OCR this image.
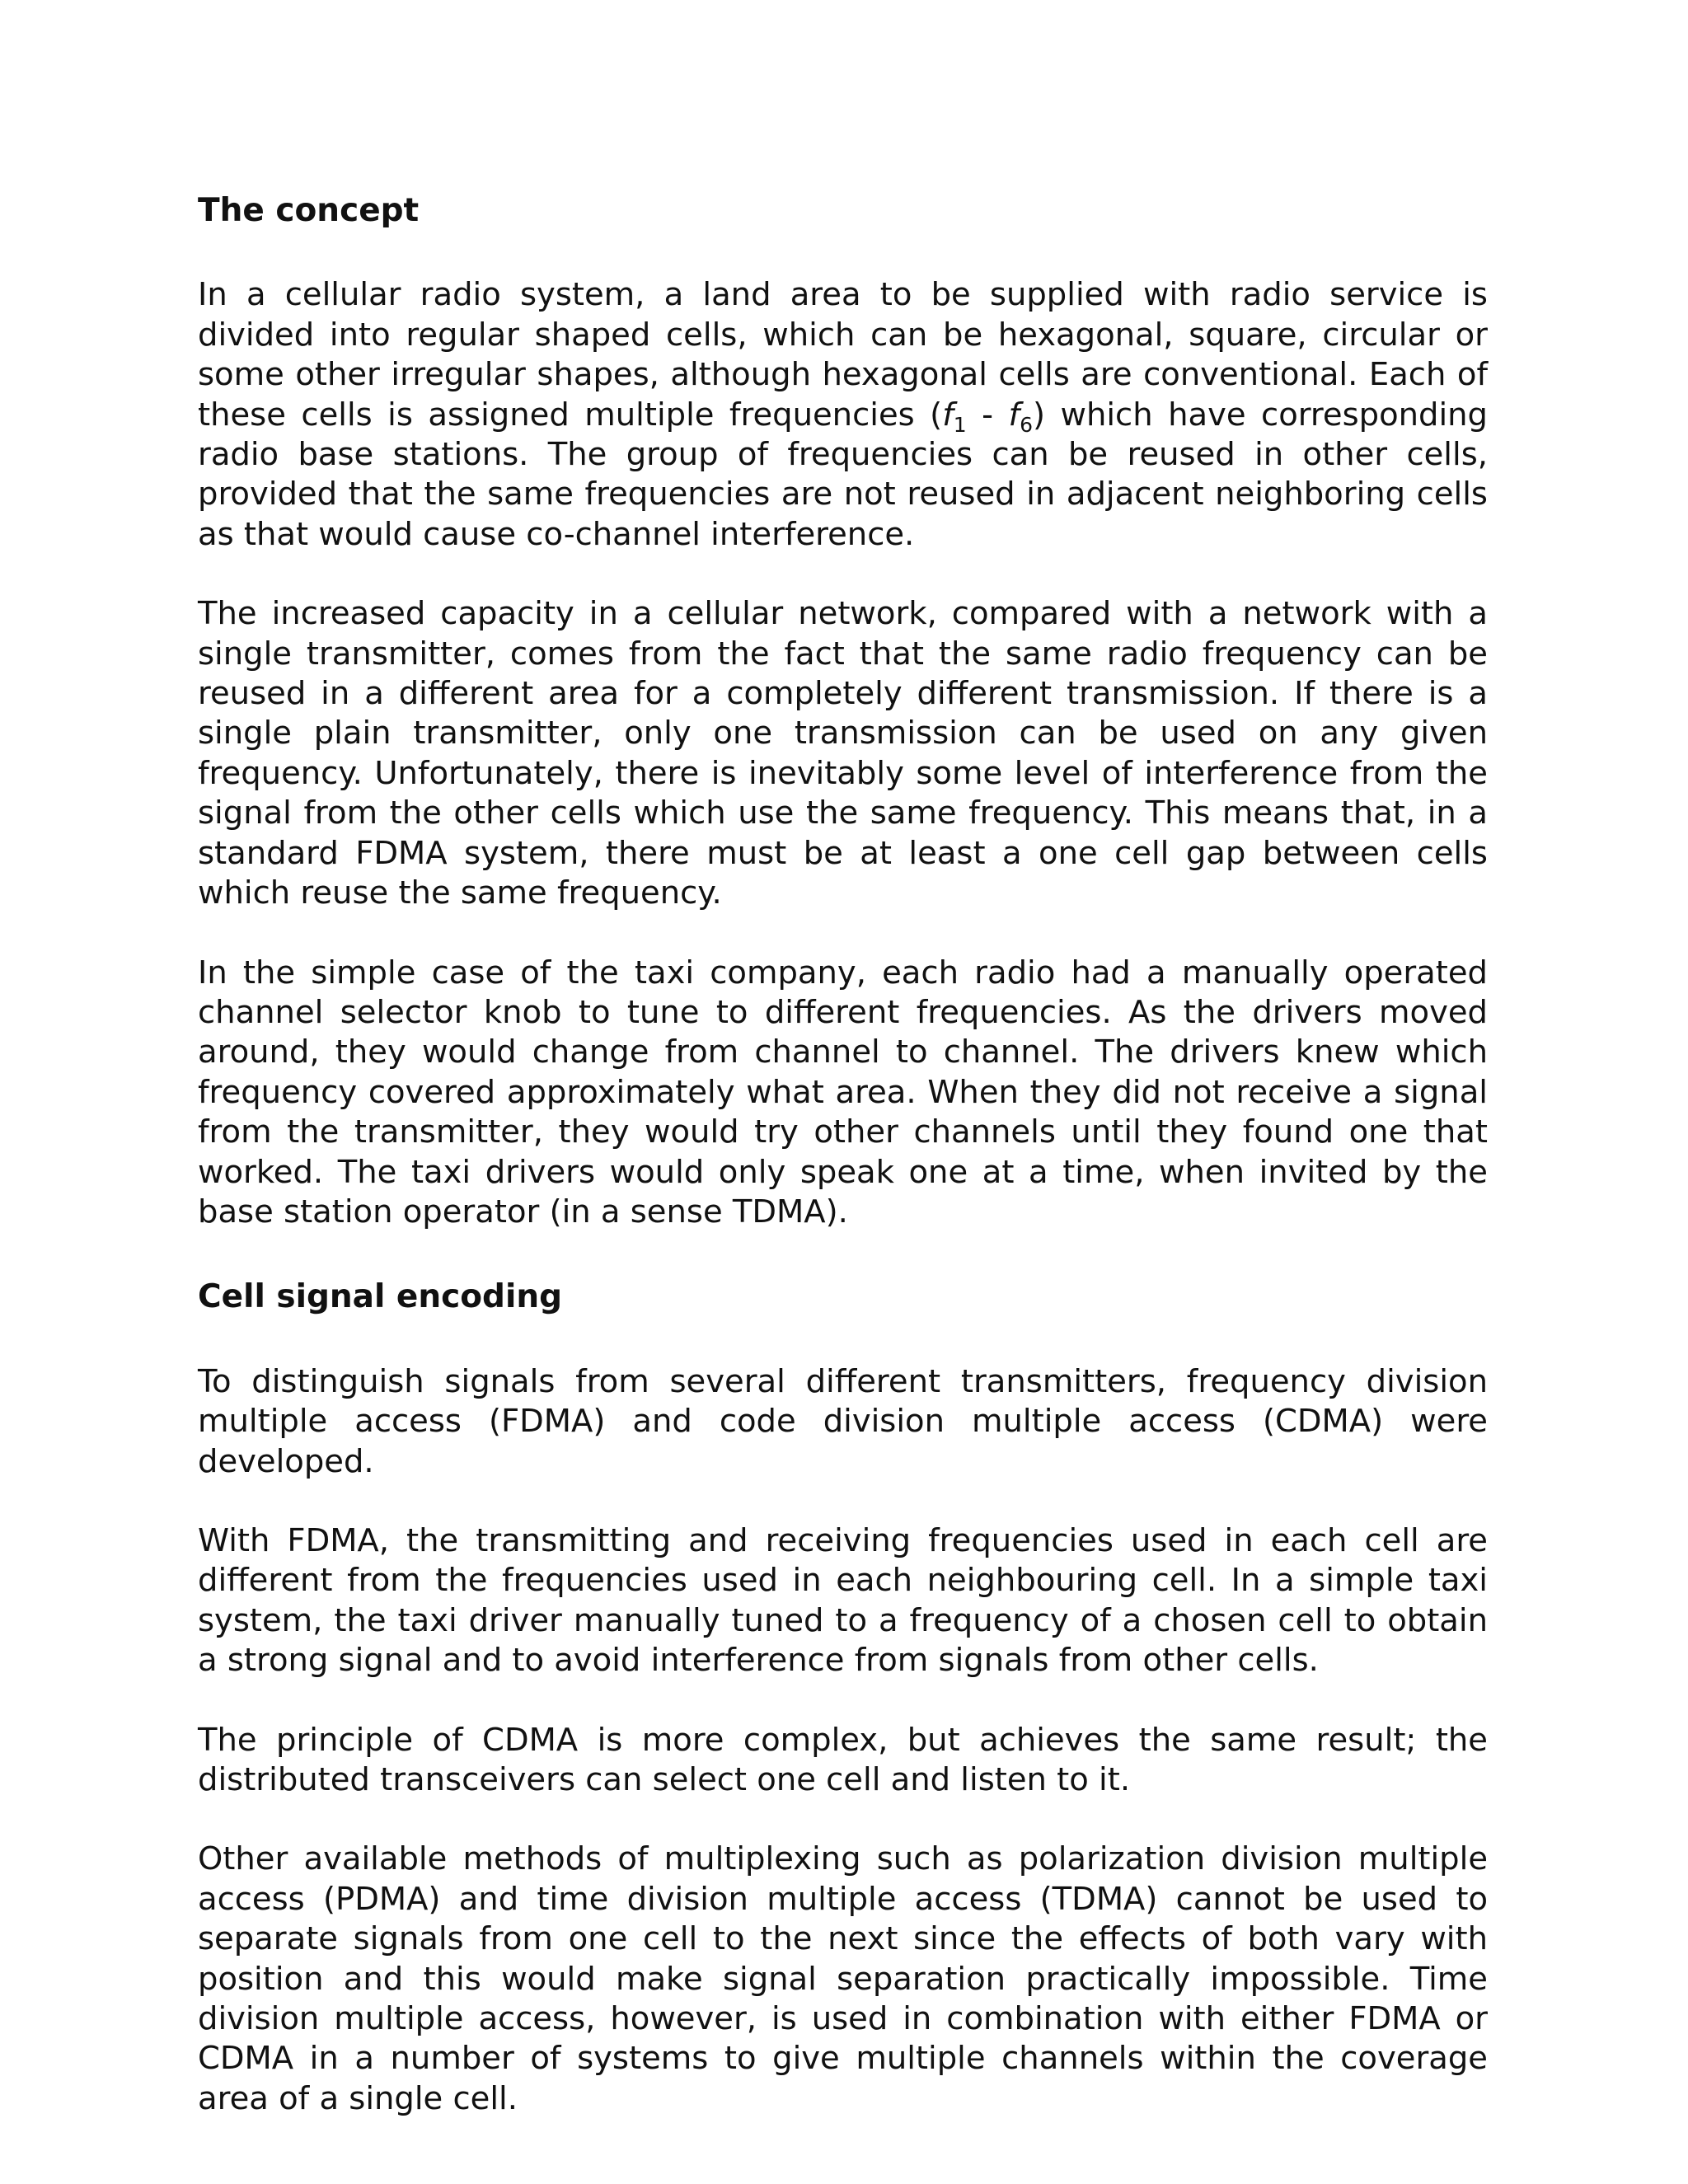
The concept

In a cellular radio system, a land area to be supplied with radio service is divided into regular shaped cells, which can be hexagonal, square, circular or some other irregular shapes, although hexagonal cells are conventional. Each of these cells is assigned multiple frequencies $(f_1 - f_6)$ which have corresponding radio base stations. The group of frequencies can be reused in other cells, provided that the same frequencies are not reused in adjacent neighboring cells as that would cause co-channel interference.

The increased capacity in a cellular network, compared with a network with a single transmitter, comes from the fact that the same radio frequency can be reused in a different area for a completely different transmission. If there is a single plain transmitter, only one transmission can be used on any given frequency. Unfortunately, there is inevitably some level of interference from the signal from the other cells which use the same frequency. This means that, in a standard FDMA system, there must be at least a one cell gap between cells which reuse the same frequency.

In the simple case of the taxi company, each radio had a manually operated channel selector knob to tune to different frequencies. As the drivers moved around, they would change from channel to channel. The drivers knew which frequency covered approximately what area. When they did not receive a signal from the transmitter, they would try other channels until they found one that worked. The taxi drivers would only speak one at a time, when invited by the base station operator (in a sense TDMA).

Cell signal encoding

To distinguish signals from several different transmitters, frequency division multiple access (FDMA) and code division multiple access (CDMA) were developed.

With FDMA, the transmitting and receiving frequencies used in each cell are different from the frequencies used in each neighbouring cell. In a simple taxi system, the taxi driver manually tuned to a frequency of a chosen cell to obtain a strong signal and to avoid interference from signals from other cells.

The principle of CDMA is more complex, but achieves the same result; the distributed transceivers can select one cell and listen to it.

Other available methods of multiplexing such as polarization division multiple access (PDMA) and time division multiple access (TDMA) cannot be used to separate signals from one cell to the next since the effects of both vary with position and this would make signal separation practically impossible. Time division multiple access, however, is used in combination with either FDMA or CDMA in a number of systems to give multiple channels within the coverage area of a single cell.
